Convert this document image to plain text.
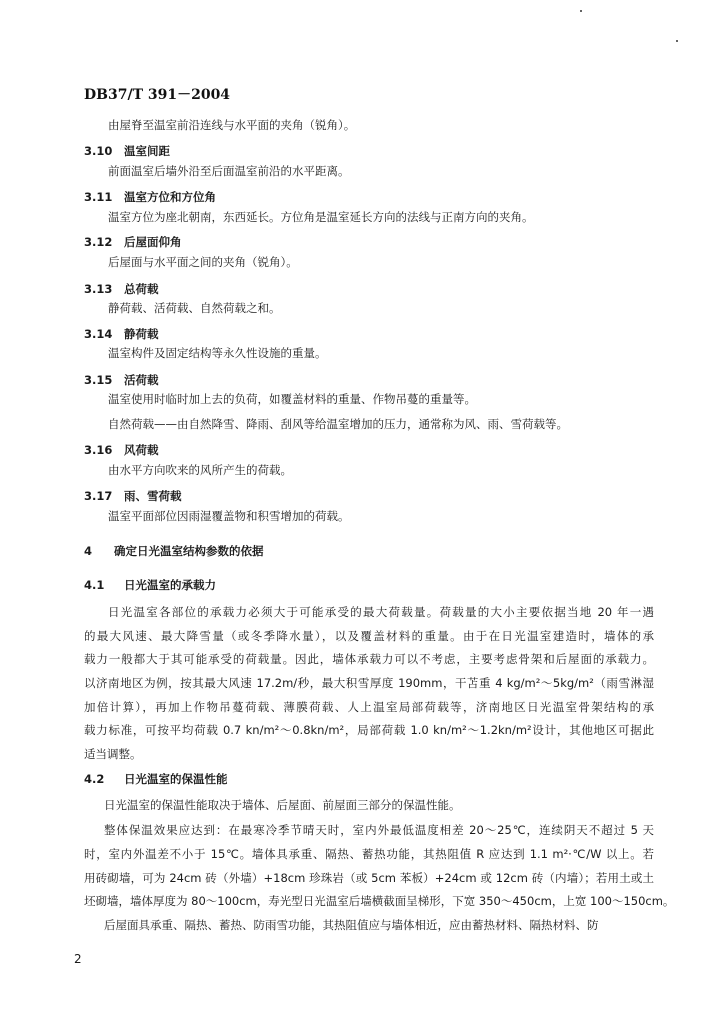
DB37/T 391－2004
由屋脊至温室前沿连线与水平面的夹角（锐角）。
3.10 温室间距
前面温室后墙外沿至后面温室前沿的水平距离。
3.11 温室方位和方位角
温室方位为座北朝南，东西延长。方位角是温室延长方向的法线与正南方向的夹角。
3.12 后屋面仰角
后屋面与水平面之间的夹角（锐角）。
3.13 总荷载
静荷载、活荷载、自然荷载之和。
3.14 静荷载
温室构件及固定结构等永久性设施的重量。
3.15 活荷载
温室使用时临时加上去的负荷，如覆盖材料的重量、作物吊蔓的重量等。
自然荷载——由自然降雪、降雨、刮风等给温室增加的压力，通常称为风、雨、雪荷载等。
3.16 风荷载
由水平方向吹来的风所产生的荷载。
3.17 雨、雪荷载
温室平面部位因雨湿覆盖物和积雪增加的荷载。
4 确定日光温室结构参数的依据
4.1 日光温室的承载力
日光温室各部位的承载力必须大于可能承受的最大荷载量。荷载量的大小主要依据当地 20 年一遇
的最大风速、最大降雪量（或冬季降水量），以及覆盖材料的重量。由于在日光温室建造时，墙体的承
载力一般都大于其可能承受的荷载量。因此，墙体承载力可以不考虑，主要考虑骨架和后屋面的承载力。
以济南地区为例，按其最大风速 17.2m/秒，最大积雪厚度 190mm，干苫重 4 kg/m²～5kg/m²（雨雪淋湿
加倍计算），再加上作物吊蔓荷载、薄膜荷载、人上温室局部荷载等，济南地区日光温室骨架结构的承
载力标准，可按平均荷载 0.7 kn/m²～0.8kn/m²，局部荷载 1.0 kn/m²～1.2kn/m²设计，其他地区可据此
适当调整。
4.2 日光温室的保温性能
日光温室的保温性能取决于墙体、后屋面、前屋面三部分的保温性能。
整体保温效果应达到：在最寒冷季节晴天时，室内外最低温度相差 20～25℃，连续阴天不超过 5 天
时，室内外温差不小于 15℃。墙体具承重、隔热、蓄热功能，其热阻值 R 应达到 1.1 m²·℃/W 以上。若
用砖砌墙，可为 24cm 砖（外墙）+18cm 珍珠岩（或 5cm 苯板）+24cm 或 12cm 砖（内墙）；若用土或土
坯砌墙，墙体厚度为 80～100cm，寿光型日光温室后墙横截面呈梯形，下宽 350～450cm，上宽 100～150cm。
后屋面具承重、隔热、蓄热、防雨雪功能，其热阻值应与墙体相近，应由蓄热材料、隔热材料、防
2
